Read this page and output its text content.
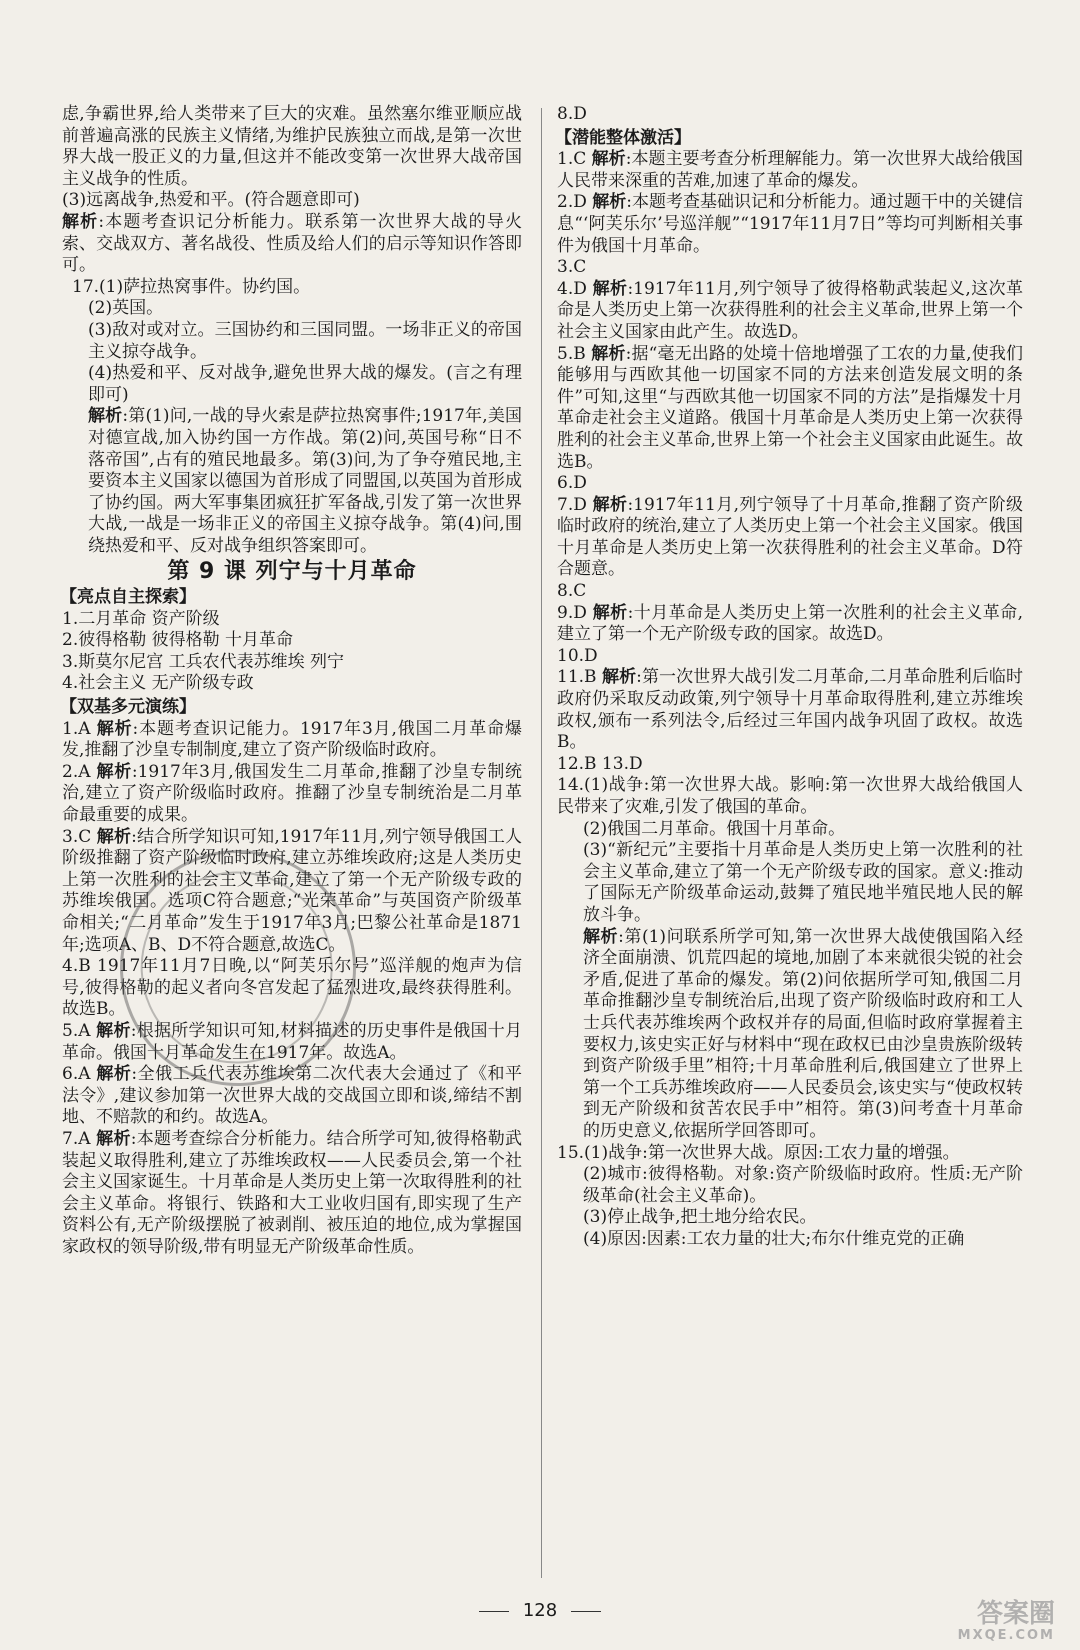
虑,争霸世界,给人类带来了巨大的灾难。虽然塞尔维亚顺应战前普遍高涨的民族主义情绪,为维护民族独立而战,是第一次世界大战一股正义的力量,但这并不能改变第一次世界大战帝国主义战争的性质。

(3)远离战争,热爱和平。(符合题意即可)

解析:本题考查识记分析能力。联系第一次世界大战的导火索、交战双方、著名战役、性质及给人们的启示等知识作答即可。

17.(1)萨拉热窝事件。协约国。

(2)英国。

(3)敌对或对立。三国协约和三国同盟。一场非正义的帝国主义掠夺战争。

(4)热爱和平、反对战争,避免世界大战的爆发。(言之有理即可)

解析:第(1)问,一战的导火索是萨拉热窝事件;1917年,美国对德宣战,加入协约国一方作战。第(2)问,英国号称“日不落帝国”,占有的殖民地最多。第(3)问,为了争夺殖民地,主要资本主义国家以德国为首形成了同盟国,以英国为首形成了协约国。两大军事集团疯狂扩军备战,引发了第一次世界大战,一战是一场非正义的帝国主义掠夺战争。第(4)问,围绕热爱和平、反对战争组织答案即可。

第 9 课 列宁与十月革命

【亮点自主探索】

1.二月革命 资产阶级

2.彼得格勒 彼得格勒 十月革命

3.斯莫尔尼宫 工兵农代表苏维埃 列宁

4.社会主义 无产阶级专政

【双基多元演练】

1.A 解析:本题考查识记能力。1917年3月,俄国二月革命爆发,推翻了沙皇专制制度,建立了资产阶级临时政府。

2.A 解析:1917年3月,俄国发生二月革命,推翻了沙皇专制统治,建立了资产阶级临时政府。推翻了沙皇专制统治是二月革命最重要的成果。

3.C 解析:结合所学知识可知,1917年11月,列宁领导俄国工人阶级推翻了资产阶级临时政府,建立苏维埃政府;这是人类历史上第一次胜利的社会主义革命,建立了第一个无产阶级专政的苏维埃俄国。选项C符合题意;“光荣革命”与英国资产阶级革命相关;“二月革命”发生于1917年3月;巴黎公社革命是1871年;选项A、B、D不符合题意,故选C。

4.B 1917年11月7日晚,以“阿芙乐尔号”巡洋舰的炮声为信号,彼得格勒的起义者向冬宫发起了猛烈进攻,最终获得胜利。故选B。

5.A 解析:根据所学知识可知,材料描述的历史事件是俄国十月革命。俄国十月革命发生在1917年。故选A。

6.A 解析:全俄工兵代表苏维埃第二次代表大会通过了《和平法令》,建议参加第一次世界大战的交战国立即和谈,缔结不割地、不赔款的和约。故选A。

7.A 解析:本题考查综合分析能力。结合所学可知,彼得格勒武装起义取得胜利,建立了苏维埃政权——人民委员会,第一个社会主义国家诞生。十月革命是人类历史上第一次取得胜利的社会主义革命。将银行、铁路和大工业收归国有,即实现了生产资料公有,无产阶级摆脱了被剥削、被压迫的地位,成为掌握国家政权的领导阶级,带有明显无产阶级革命性质。

8.D

【潜能整体激活】

1.C 解析:本题主要考查分析理解能力。第一次世界大战给俄国人民带来深重的苦难,加速了革命的爆发。

2.D 解析:本题考查基础识记和分析能力。通过题干中的关键信息“‘阿芙乐尔’号巡洋舰”“1917年11月7日”等均可判断相关事件为俄国十月革命。

3.C

4.D 解析:1917年11月,列宁领导了彼得格勒武装起义,这次革命是人类历史上第一次获得胜利的社会主义革命,世界上第一个社会主义国家由此产生。故选D。

5.B 解析:据“毫无出路的处境十倍地增强了工农的力量,使我们能够用与西欧其他一切国家不同的方法来创造发展文明的条件”可知,这里“与西欧其他一切国家不同的方法”是指爆发十月革命走社会主义道路。俄国十月革命是人类历史上第一次获得胜利的社会主义革命,世界上第一个社会主义国家由此诞生。故选B。

6.D

7.D 解析:1917年11月,列宁领导了十月革命,推翻了资产阶级临时政府的统治,建立了人类历史上第一个社会主义国家。俄国十月革命是人类历史上第一次获得胜利的社会主义革命。D符合题意。

8.C

9.D 解析:十月革命是人类历史上第一次胜利的社会主义革命,建立了第一个无产阶级专政的国家。故选D。

10.D

11.B 解析:第一次世界大战引发二月革命,二月革命胜利后临时政府仍采取反动政策,列宁领导十月革命取得胜利,建立苏维埃政权,颁布一系列法令,后经过三年国内战争巩固了政权。故选B。

12.B 13.D

14.(1)战争:第一次世界大战。影响:第一次世界大战给俄国人民带来了灾难,引发了俄国的革命。

(2)俄国二月革命。俄国十月革命。

(3)“新纪元”主要指十月革命是人类历史上第一次胜利的社会主义革命,建立了第一个无产阶级专政的国家。意义:推动了国际无产阶级革命运动,鼓舞了殖民地半殖民地人民的解放斗争。

解析:第(1)问联系所学可知,第一次世界大战使俄国陷入经济全面崩溃、饥荒四起的境地,加剧了本来就很尖锐的社会矛盾,促进了革命的爆发。第(2)问依据所学可知,俄国二月革命推翻沙皇专制统治后,出现了资产阶级临时政府和工人士兵代表苏维埃两个政权并存的局面,但临时政府掌握着主要权力,该史实正好与材料中“现在政权已由沙皇贵族阶级转到资产阶级手里”相符;十月革命胜利后,俄国建立了世界上第一个工兵苏维埃政府——人民委员会,该史实与“使政权转到无产阶级和贫苦农民手中”相符。第(3)问考查十月革命的历史意义,依据所学回答即可。

15.(1)战争:第一次世界大战。原因:工农力量的增强。

(2)城市:彼得格勒。对象:资产阶级临时政府。性质:无产阶级革命(社会主义革命)。

(3)停止战争,把土地分给农民。

(4)原因:因素:工农力量的壮大;布尔什维克党的正确

128	答案圈
MXQE.COM
